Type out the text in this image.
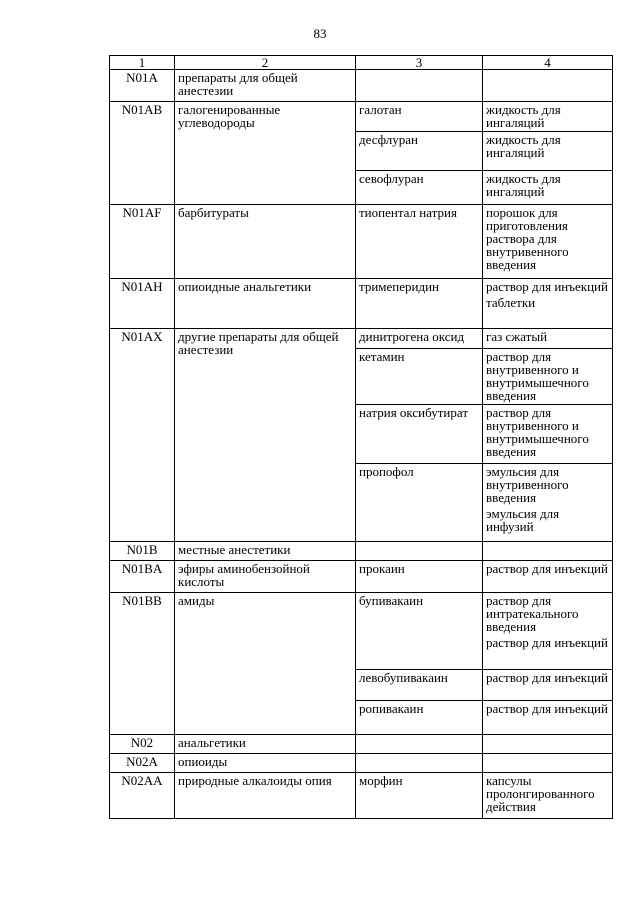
83
1	2	3	4
N01A	препараты для общей анестезии		

N01AB	галогенированные углеводороды	галотан	жидкость для ингаляций

		десфлуран	жидкость для ингаляций

		севофлуран	жидкость для ингаляций

N01AF	барбитураты	тиопентал натрия	порошок для приготовления раствора для внутривенного введения

N01AH	опиоидные анальгетики	тримеперидин	раствор для инъекций
таблетки

N01AX	другие препараты для общей анестезии	динитрогена оксид	газ сжатый

		кетамин	раствор для внутривенного и внутримышечного введения

		натрия оксибутират	раствор для внутривенного и внутримышечного введения

		пропофол	эмульсия для внутривенного введения
эмульсия для инфузий

N01B	местные анестетики		

N01BA	эфиры аминобензойной кислоты	прокаин	раствор для инъекций

N01BB	амиды	бупивакаин	раствор для интратекального введения
раствор для инъекций

		левобупивакаин	раствор для инъекций

		ропивакаин	раствор для инъекций

N02	анальгетики		

N02A	опиоиды		

N02AA	природные алкалоиды опия	морфин	капсулы пролонгированного действия
